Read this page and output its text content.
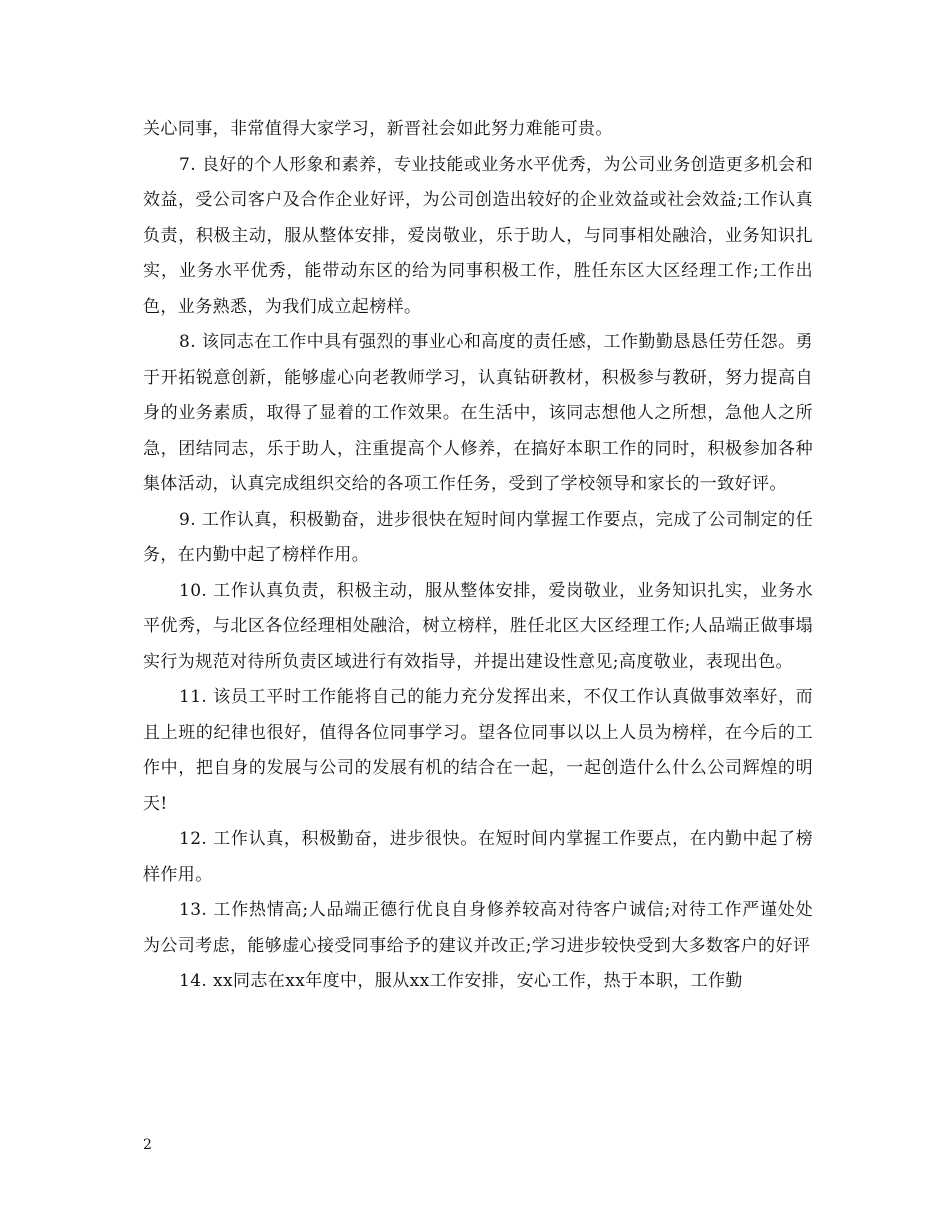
关心同事，非常值得大家学习，新晋社会如此努力难能可贵。

7. 良好的个人形象和素养，专业技能或业务水平优秀，为公司业务创造更多机会和效益，受公司客户及合作企业好评，为公司创造出较好的企业效益或社会效益;工作认真负责，积极主动，服从整体安排，爱岗敬业，乐于助人，与同事相处融洽，业务知识扎实，业务水平优秀，能带动东区的给为同事积极工作，胜任东区大区经理工作;工作出色，业务熟悉，为我们成立起榜样。

8. 该同志在工作中具有强烈的事业心和高度的责任感，工作勤勤恳恳任劳任怨。勇于开拓锐意创新，能够虚心向老教师学习，认真钻研教材，积极参与教研，努力提高自身的业务素质，取得了显着的工作效果。在生活中，该同志想他人之所想，急他人之所急，团结同志，乐于助人，注重提高个人修养，在搞好本职工作的同时，积极参加各种集体活动，认真完成组织交给的各项工作任务，受到了学校领导和家长的一致好评。

9. 工作认真，积极勤奋，进步很快在短时间内掌握工作要点，完成了公司制定的任务，在内勤中起了榜样作用。

10. 工作认真负责，积极主动，服从整体安排，爱岗敬业，业务知识扎实，业务水平优秀，与北区各位经理相处融洽，树立榜样，胜任北区大区经理工作;人品端正做事塌实行为规范对待所负责区域进行有效指导，并提出建设性意见;高度敬业，表现出色。

11. 该员工平时工作能将自己的能力充分发挥出来，不仅工作认真做事效率好，而且上班的纪律也很好，值得各位同事学习。望各位同事以以上人员为榜样，在今后的工作中，把自身的发展与公司的发展有机的结合在一起，一起创造什么什么公司辉煌的明天!

12. 工作认真，积极勤奋，进步很快。在短时间内掌握工作要点，在内勤中起了榜样作用。

13. 工作热情高;人品端正德行优良自身修养较高对待客户诚信;对待工作严谨处处为公司考虑，能够虚心接受同事给予的建议并改正;学习进步较快受到大多数客户的好评

14. xx同志在xx年度中，服从xx工作安排，安心工作，热于本职，工作勤

2
